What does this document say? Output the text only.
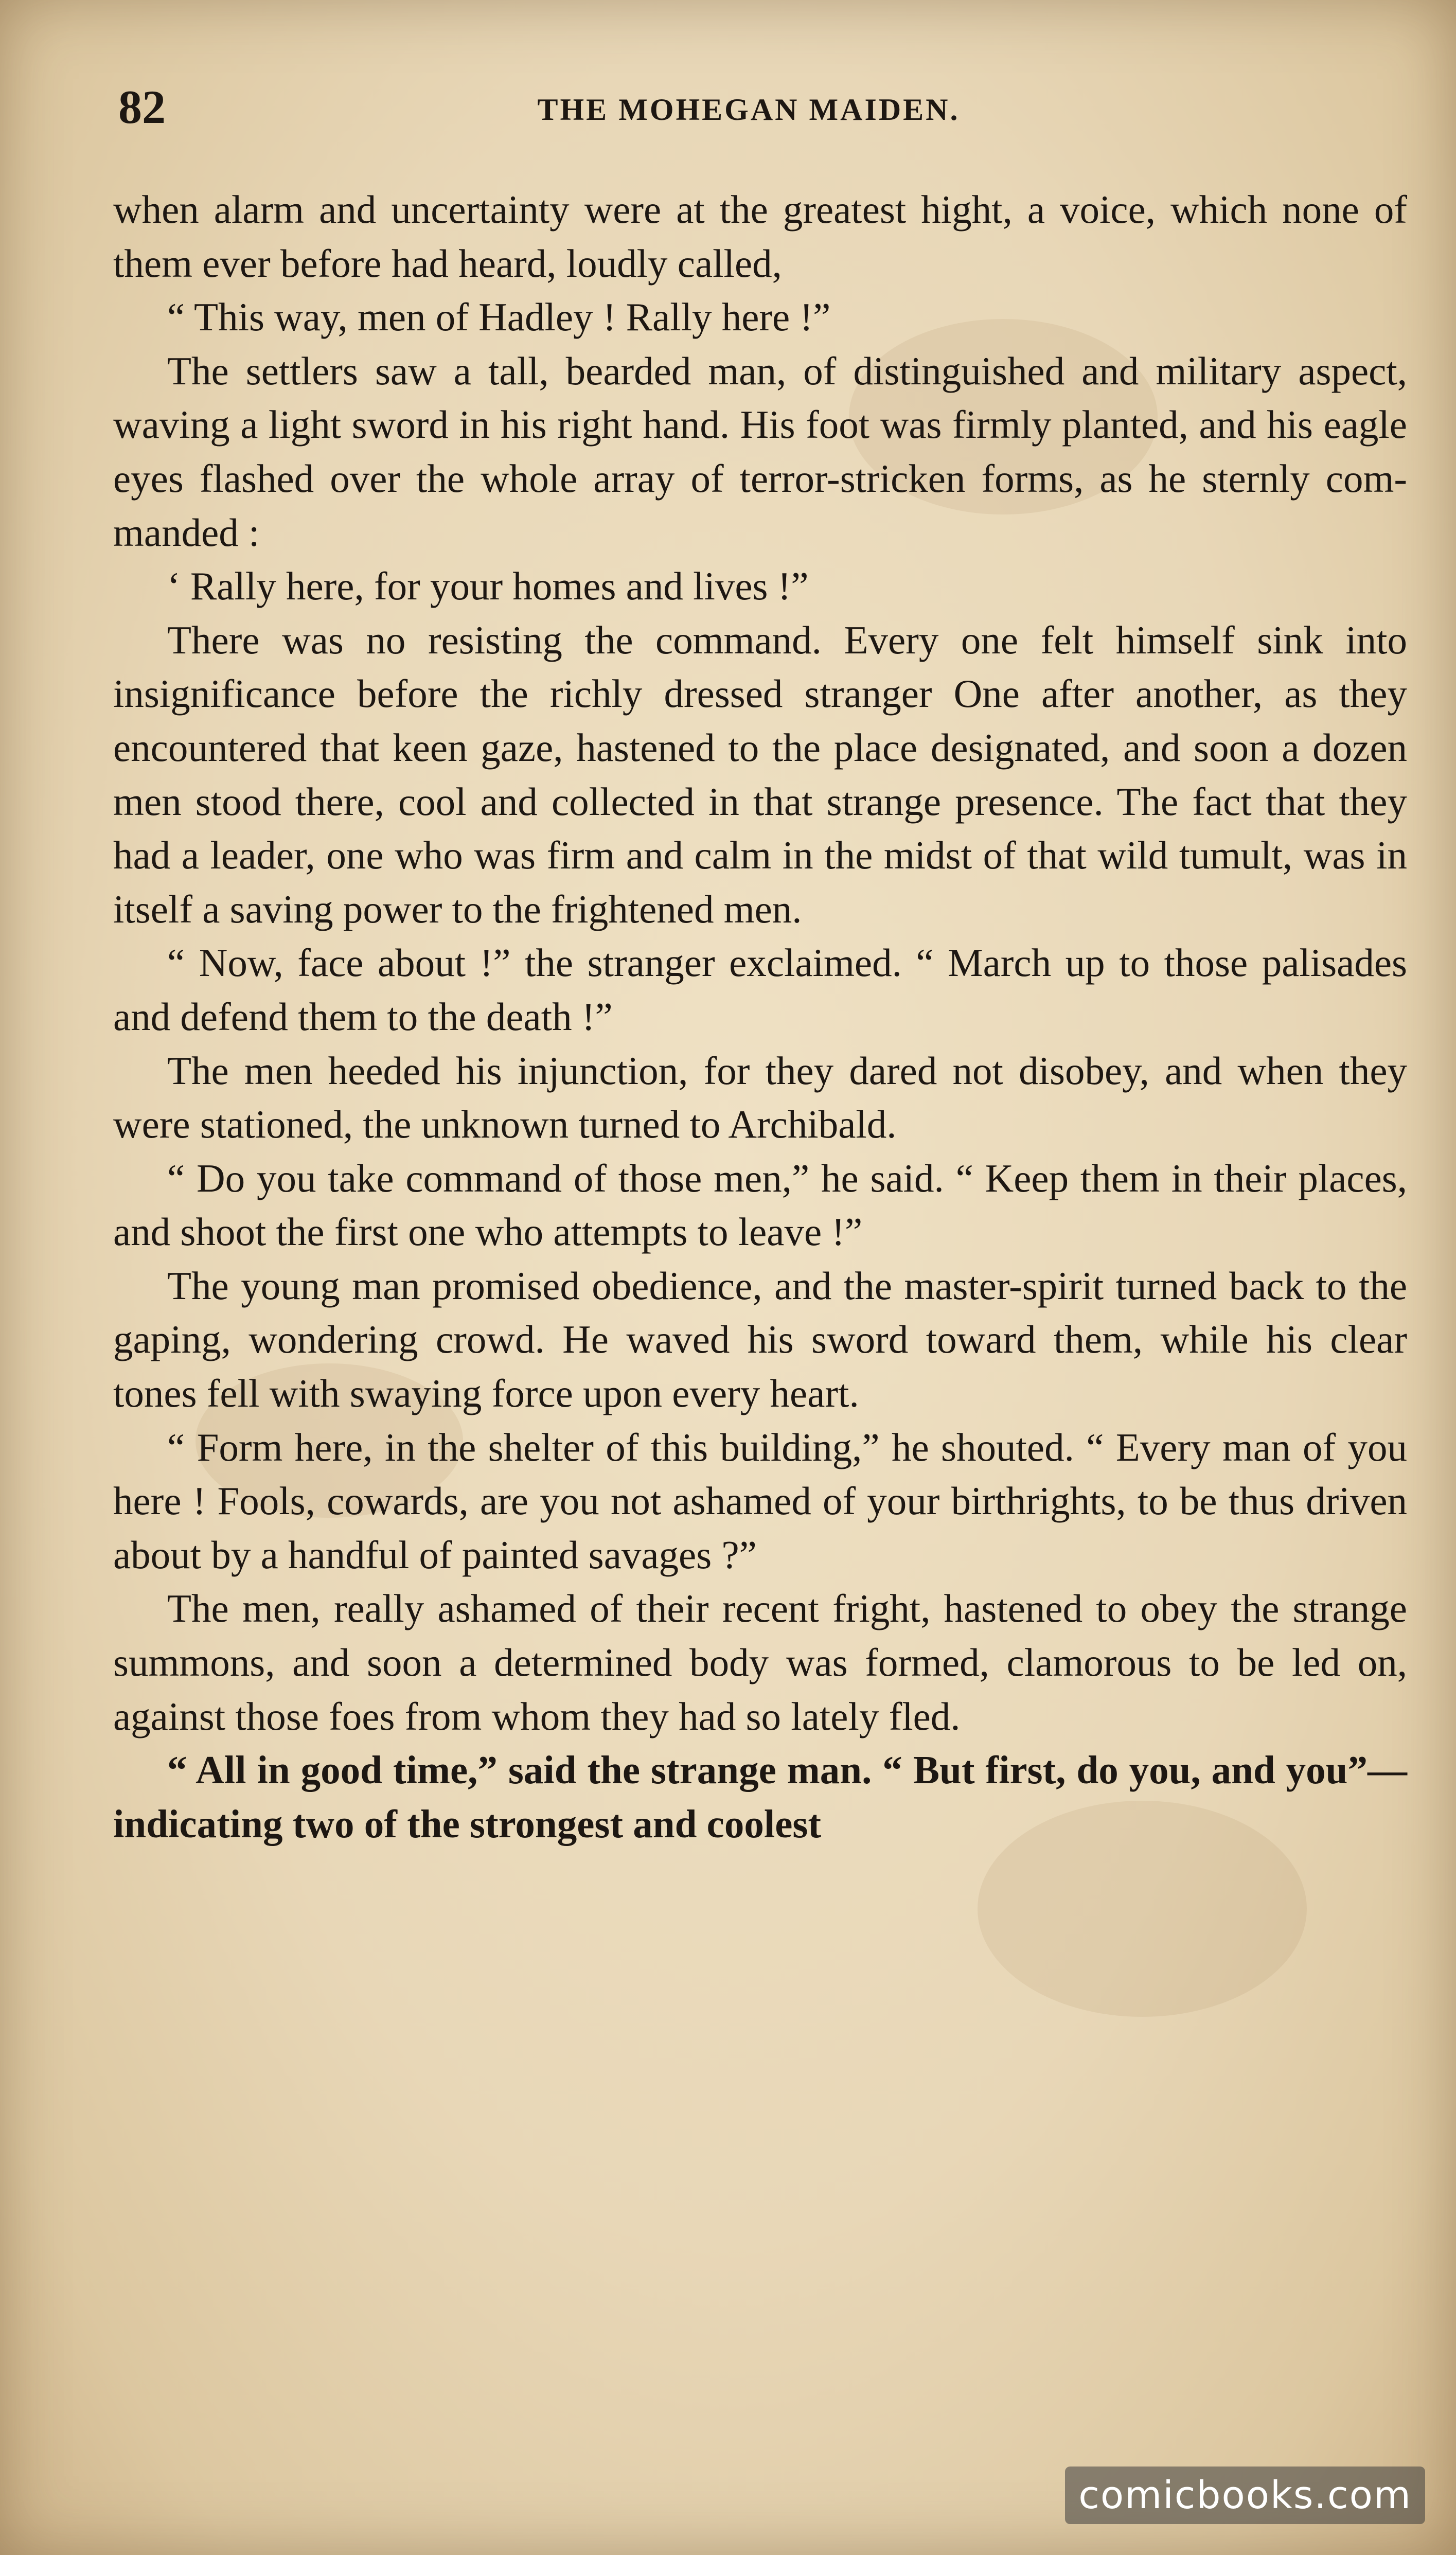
82	THE MOHEGAN MAIDEN.

when alarm and uncertainty were at the greatest hight, a voice, which none of them ever before had heard, loudly called,

“ This way, men of Hadley ! Rally here !”

The settlers saw a tall, bearded man, of distinguished and military aspect, waving a light sword in his right hand. His foot was firmly planted, and his eagle eyes flashed over the whole array of terror-stricken forms, as he sternly commanded :

‘ Rally here, for your homes and lives !”

There was no resisting the command. Every one felt himself sink into insignificance before the richly dressed stranger One after another, as they encountered that keen gaze, hastened to the place designated, and soon a dozen men stood there, cool and collected in that strange presence. The fact that they had a leader, one who was firm and calm in the midst of that wild tumult, was in itself a saving power to the frightened men.

“ Now, face about !” the stranger exclaimed. “ March up to those palisades and defend them to the death !”

The men heeded his injunction, for they dared not disobey, and when they were stationed, the unknown turned to Archibald.

“ Do you take command of those men,” he said. “ Keep them in their places, and shoot the first one who attempts to leave !”

The young man promised obedience, and the master-spirit turned back to the gaping, wondering crowd. He waved his sword toward them, while his clear tones fell with swaying force upon every heart.

“ Form here, in the shelter of this building,” he shouted. “ Every man of you here ! Fools, cowards, are you not ashamed of your birthrights, to be thus driven about by a handful of painted savages ?”

The men, really ashamed of their recent fright, hastened to obey the strange summons, and soon a determined body was formed, clamorous to be led on, against those foes from whom they had so lately fled.

“ All in good time,” said the strange man. “ But first, do you, and you”—indicating two of the strongest and coolest

comicbooks.com
